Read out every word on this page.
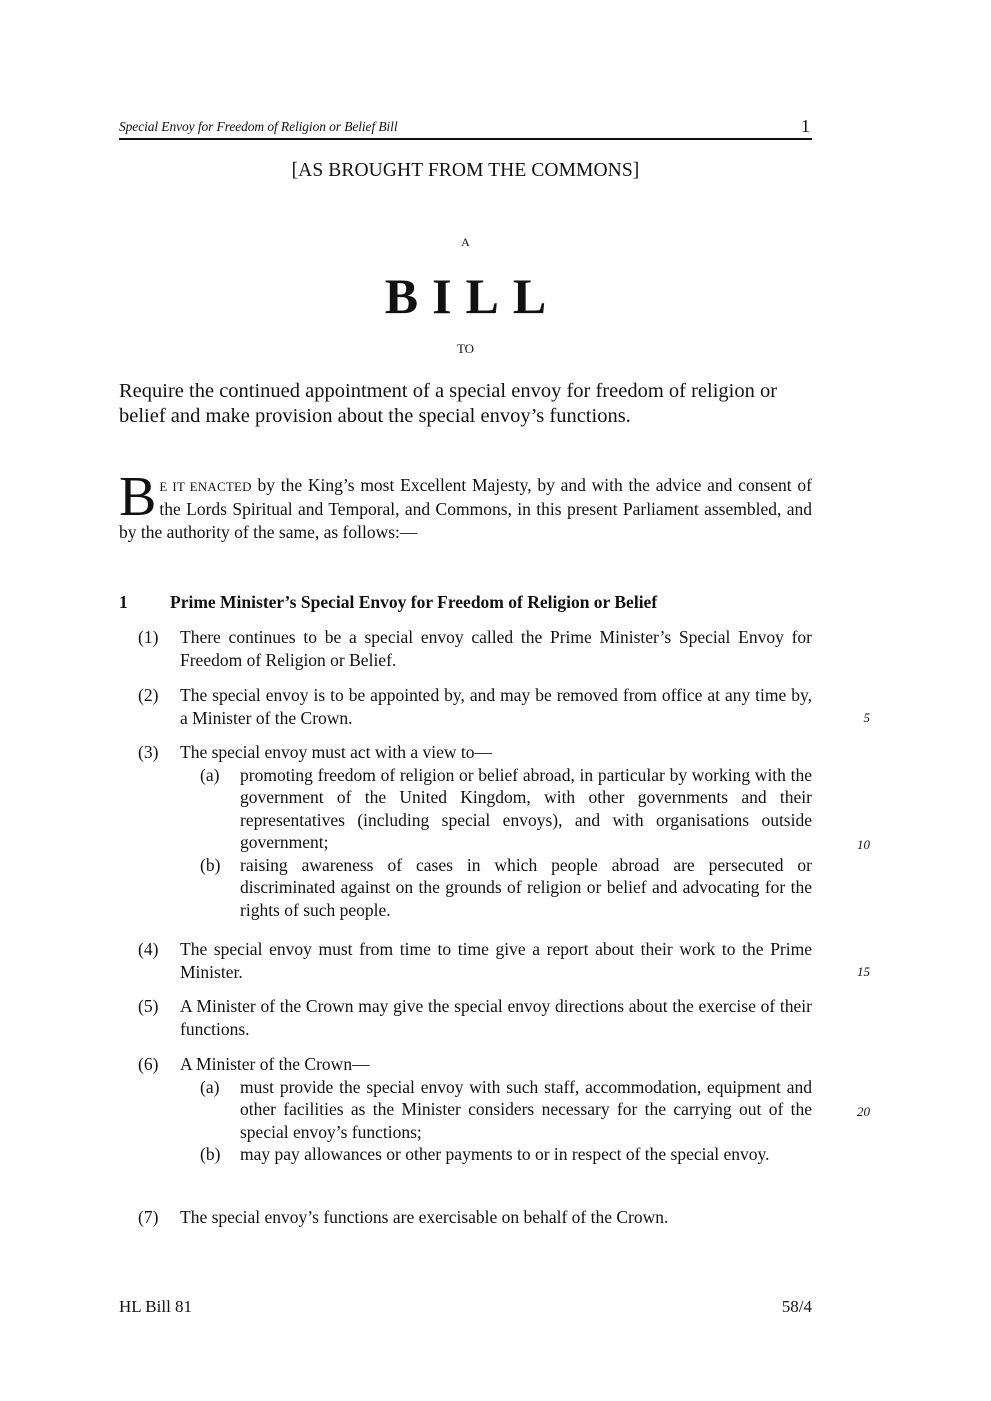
Special Envoy for Freedom of Religion or Belief Bill	1
[AS BROUGHT FROM THE COMMONS]
A
BILL
TO
Require the continued appointment of a special envoy for freedom of religion or belief and make provision about the special envoy’s functions.
B E IT ENACTED by the King’s most Excellent Majesty, by and with the advice and consent of the Lords Spiritual and Temporal, and Commons, in this present Parliament assembled, and by the authority of the same, as follows:—
1 Prime Minister’s Special Envoy for Freedom of Religion or Belief
(1) There continues to be a special envoy called the Prime Minister’s Special Envoy for Freedom of Religion or Belief.
(2) The special envoy is to be appointed by, and may be removed from office at any time by, a Minister of the Crown.
(3) The special envoy must act with a view to—
(a) promoting freedom of religion or belief abroad, in particular by working with the government of the United Kingdom, with other governments and their representatives (including special envoys), and with organisations outside government;
(b) raising awareness of cases in which people abroad are persecuted or discriminated against on the grounds of religion or belief and advocating for the rights of such people.
(4) The special envoy must from time to time give a report about their work to the Prime Minister.
(5) A Minister of the Crown may give the special envoy directions about the exercise of their functions.
(6) A Minister of the Crown—
(a) must provide the special envoy with such staff, accommodation, equipment and other facilities as the Minister considers necessary for the carrying out of the special envoy’s functions;
(b) may pay allowances or other payments to or in respect of the special envoy.
(7) The special envoy’s functions are exercisable on behalf of the Crown.
5
10
15
20
HL Bill 81	58/4
